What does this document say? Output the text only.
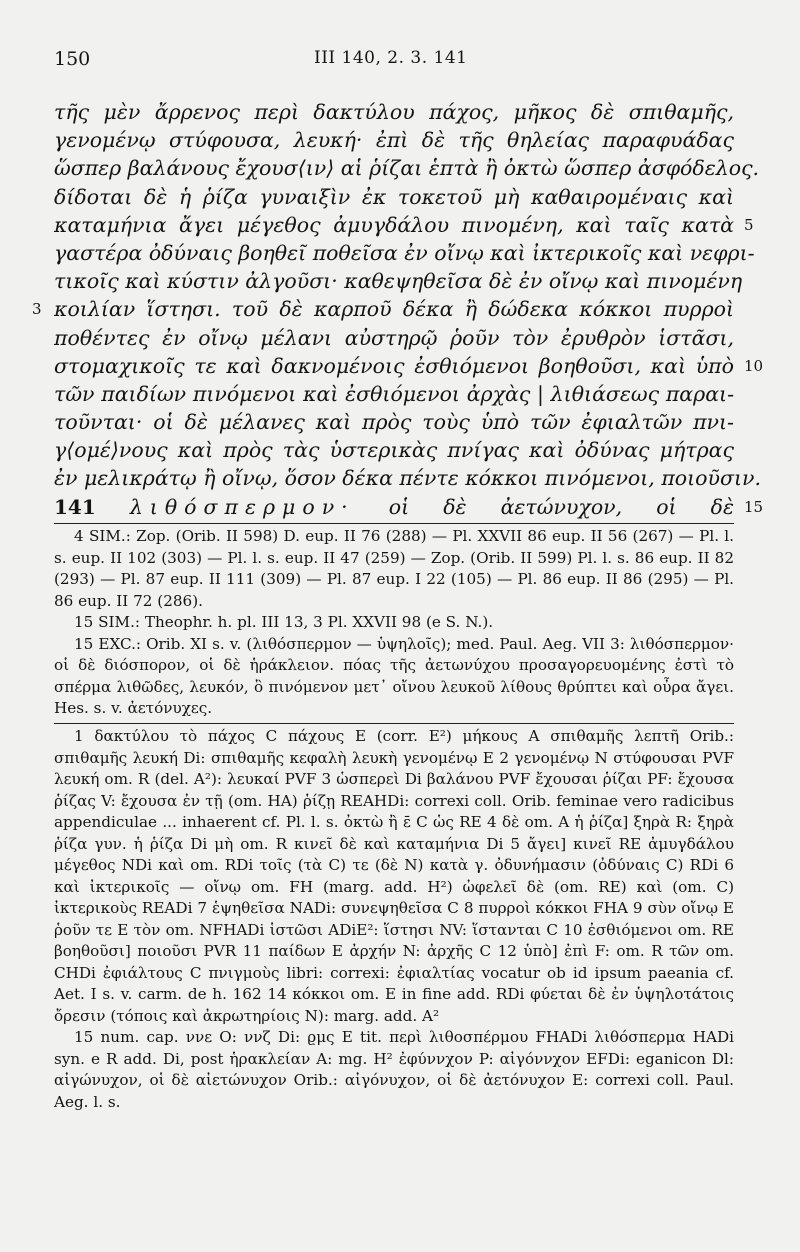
150	III 140, 2. 3. 141
τῆς μὲν ἄρρενος περὶ δακτύλου πάχος, μῆκος δὲ σπιθαμῆς,
γενομένῳ στύφουσα, λευκή· ἐπὶ δὲ τῆς θηλείας παραφυάδας
ὥσπερ βαλάνους ἔχουσ⟨ιν⟩ αἱ ῥίζαι ἑπτὰ ἢ ὀκτὼ ὥσπερ ἀσφόδελος.
δίδοται δὲ ἡ ῥίζα γυναιξὶν ἐκ τοκετοῦ μὴ καθαιρομέναις καὶ
καταμήνια ἄγει μέγεθος ἀμυγδάλου πινομένη, καὶ ταῖς κατὰ 5
γαστέρα ὀδύναις βοηθεῖ ποθεῖσα ἐν οἴνῳ καὶ ἰκτερικοῖς καὶ νεφρι-
τικοῖς καὶ κύστιν ἀλγοῦσι· καθεψηθεῖσα δὲ ἐν οἴνῳ καὶ πινομένη
3 κοιλίαν ἵστησι. τοῦ δὲ καρποῦ δέκα ἢ δώδεκα κόκκοι πυρροὶ
ποθέντες ἐν οἴνῳ μέλανι αὐστηρῷ ῥοῦν τὸν ἐρυθρὸν ἱστᾶσι,
στομαχικοῖς τε καὶ δακνομένοις ἐσθιόμενοι βοηθοῦσι, καὶ ὑπὸ 10
τῶν παιδίων πινόμενοι καὶ ἐσθιόμενοι ἀρχὰς | λιθιάσεως παραι-
τοῦνται· οἱ δὲ μέλανες καὶ πρὸς τοὺς ὑπὸ τῶν ἐφιαλτῶν πνι-
γ⟨ομέ⟩νους καὶ πρὸς τὰς ὑστερικὰς πνίγας καὶ ὀδύνας μήτρας
ἐν μελικράτῳ ἢ οἴνῳ, ὅσον δέκα πέντε κόκκοι πινόμενοι, ποιοῦσιν.
141 λιθόσπερμον· οἱ δὲ ἀετώνυχον, οἱ δὲ 15

4 SIM.: Zop. (Orib. II 598) D. eup. II 76 (288) — Pl. XXVII 86 eup. II 56 (267) — Pl. l. s. eup. II 102 (303) — Pl. l. s. eup. II 47 (259) — Zop. (Orib. II 599) Pl. l. s. 86 eup. II 82 (293) — Pl. 87 eup. II 111 (309) — Pl. 87 eup. I 22 (105) — Pl. 86 eup. II 86 (295) — Pl. 86 eup. II 72 (286).

15 SIM.: Theophr. h. pl. III 13, 3 Pl. XXVII 98 (e S. N.).

15 EXC.: Orib. XI s. v. (λιθόσπερμον — ὑψηλοῖς); med. Paul. Aeg. VII 3: λιθόσπερμον· οἱ δὲ διόσπορον, οἱ δὲ ἡράκλειον. πόας τῆς ἀετωνύχου προσαγορευομένης ἐστὶ τὸ σπέρμα λιθῶδες, λευκόν, ὃ πινόμενον μετ᾽ οἴνου λευκοῦ λίθους θρύπτει καὶ οὖρα ἄγει. Hes. s. v. ἀετόνυχες.

1 δακτύλου τὸ πάχος C πάχους E (corr. E²) μήκους A σπιθαμῆς λεπτῆ Orib.: σπιθαμῆς λευκή Di: σπιθαμῆς κεφαλὴ λευκὴ γενομένῳ E 2 γενομένῳ N στύφουσαι PVF λευκή om. R (del. A²): λευκαί PVF 3 ὡσπερεὶ Di βαλάνου PVF ἔχουσαι ῥίζαι PF: ἔχουσα ῥίζας V: ἔχουσα ἐν τῇ (om. HA) ῥίζῃ REAHDi: correxi coll. Orib. feminae vero radicibus appendiculae ... inhaerent cf. Pl. l. s. ὀκτὼ ἢ ε̄ C ὡς RE 4 δὲ om. A ἡ ῥίζα] ξηρὰ R: ξηρὰ ῥίζα γυν. ἡ ῥίζα Di μὴ om. R κινεῖ δὲ καὶ καταμήνια Di 5 ἄγει] κινεῖ RE ἀμυγδάλου μέγεθος NDi καὶ om. RDi τοῖς (τὰ C) τε (δὲ N) κατὰ γ. ὀδυνήμασιν (ὀδύναις C) RDi 6 καὶ ἰκτερικοῖς — οἴνῳ om. FH (marg. add. H²) ὠφελεῖ δὲ (om. RE) καὶ (om. C) ἰκτερικοὺς READi 7 ἑψηθεῖσα NADi: συνεψηθεῖσα C 8 πυρροὶ κόκκοι FHA 9 σὺν οἴνῳ E ῥοῦν τε E τὸν om. NFHADi ἱστῶσι ADiE²: ἵστησι NV: ἵστανται C 10 ἐσθιόμενοι om. RE βοηθοῦσι] ποιοῦσι PVR 11 παίδων E ἀρχήν N: ἀρχῆς C 12 ὑπὸ] ἐπὶ F: om. R τῶν om. CHDi ἐφιάλτους C πνιγμοὺς libri: correxi: ἐφιαλτίας vocatur ob id ipsum paeania cf. Aet. I s. v. carm. de h. 162 14 κόκκοι om. E in fine add. RDi φύεται δὲ ἐν ὑψηλοτάτοις ὄρεσιν (τόποις καὶ ἀκρωτηρίοις N): marg. add. A²

15 num. cap. ννε O: ννζ Di: ϱμς E tit. περὶ λιθοσπέρμου FHADi λιθόσπερμα HADi syn. e R add. Di, post ἡρακλείαν A: mg. H² ἐφύννχον P: αἰγόννχον EFDi: eganicon Dl: αἰγώνυχον, οἱ δὲ αἰετώνυχον Orib.: αἰγόνυχον, οἱ δὲ ἀετόνυχον E: correxi coll. Paul. Aeg. l. s.
